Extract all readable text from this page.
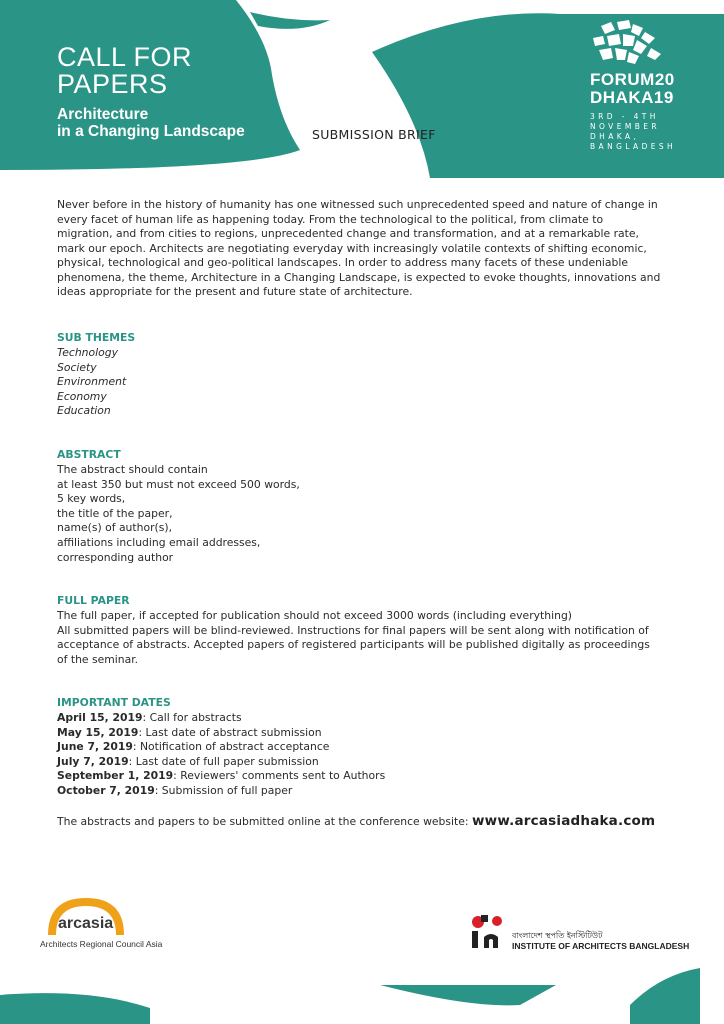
CALL FOR
PAPERS
Architecture
in a Changing Landscape	SUBMISSION BRIEF
FORUM20
DHAKA19
3RD - 4TH
NOVEMBER
DHAKA,
BANGLADESH
Never before in the history of humanity has one witnessed such unprecedented speed and nature of change in every facet of human life as happening today. From the technological to the political, from climate to migration, and from cities to regions, unprecedented change and transformation, and at a remarkable rate, mark our epoch. Architects are negotiating everyday with increasingly volatile contexts of shifting economic, physical, technological and geo-political landscapes. In order to address many facets of these undeniable phenomena, the theme, Architecture in a Changing Landscape, is expected to evoke thoughts, innovations and ideas appropriate for the present and future state of architecture.
SUB THEMES
Technology
Society
Environment
Economy
Education
ABSTRACT
The abstract should contain
at least 350 but must not exceed 500 words,
5 key words,
the title of the paper,
name(s) of author(s),
affiliations including email addresses,
corresponding author
FULL PAPER
The full paper, if accepted for publication should not exceed 3000 words (including everything)
All submitted papers will be blind-reviewed. Instructions for final papers will be sent along with notification of acceptance of abstracts. Accepted papers of registered participants will be published digitally as proceedings of the seminar.
IMPORTANT DATES
April 15, 2019: Call for abstracts
May 15, 2019: Last date of abstract submission
June 7, 2019: Notification of abstract acceptance
July 7, 2019: Last date of full paper submission
September 1, 2019: Reviewers' comments sent to Authors
October 7, 2019: Submission of full paper
The abstracts and papers to be submitted online at the conference website: www.arcasiadhaka.com
arcasia
Architects Regional Council Asia
বাংলাদেশ স্থপতি ইনস্টিটিউট
INSTITUTE OF ARCHITECTS BANGLADESH
